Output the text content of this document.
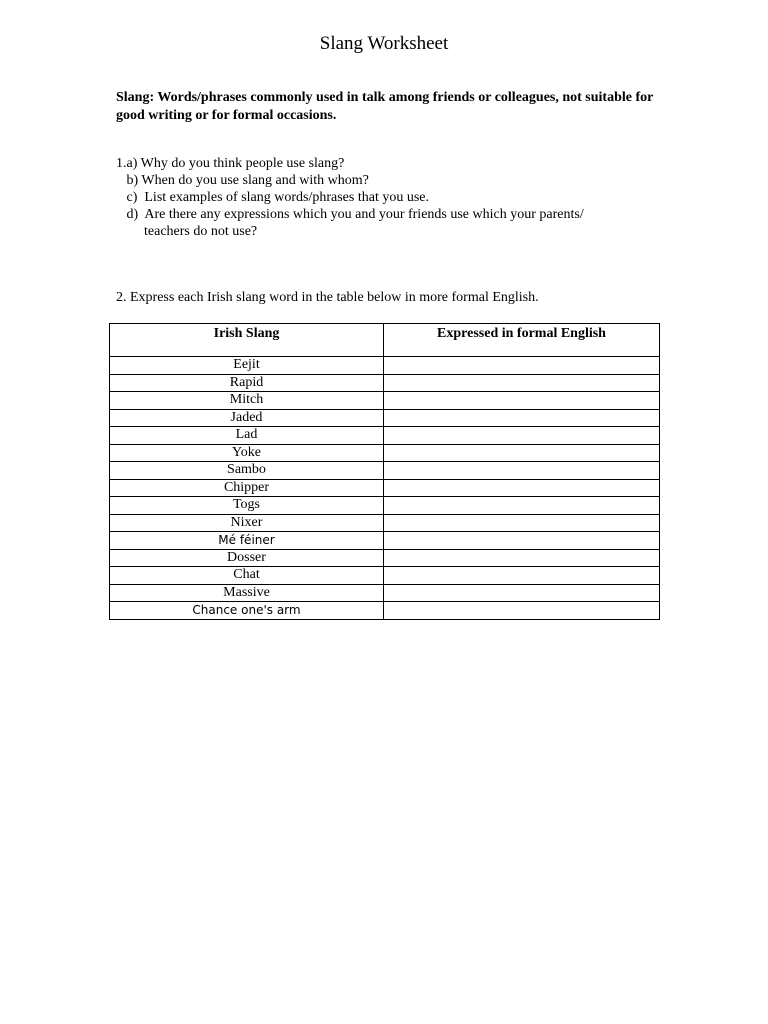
Slang Worksheet
Slang: Words/phrases commonly used in talk among friends or colleagues, not suitable for good writing or for formal occasions.
1.a) Why do you think people use slang?
b) When do you use slang and with whom?
c)  List examples of slang words/phrases that you use.
d)  Are there any expressions which you and your friends use which your parents/
teachers do not use?
2. Express each Irish slang word in the table below in more formal English.
Irish Slang	Expressed in formal English
Eejit	
Rapid	
Mitch	
Jaded	
Lad	
Yoke	
Sambo	
Chipper	
Togs	
Nixer	
Mé féiner	
Dosser	
Chat	
Massive	
Chance one's arm	
